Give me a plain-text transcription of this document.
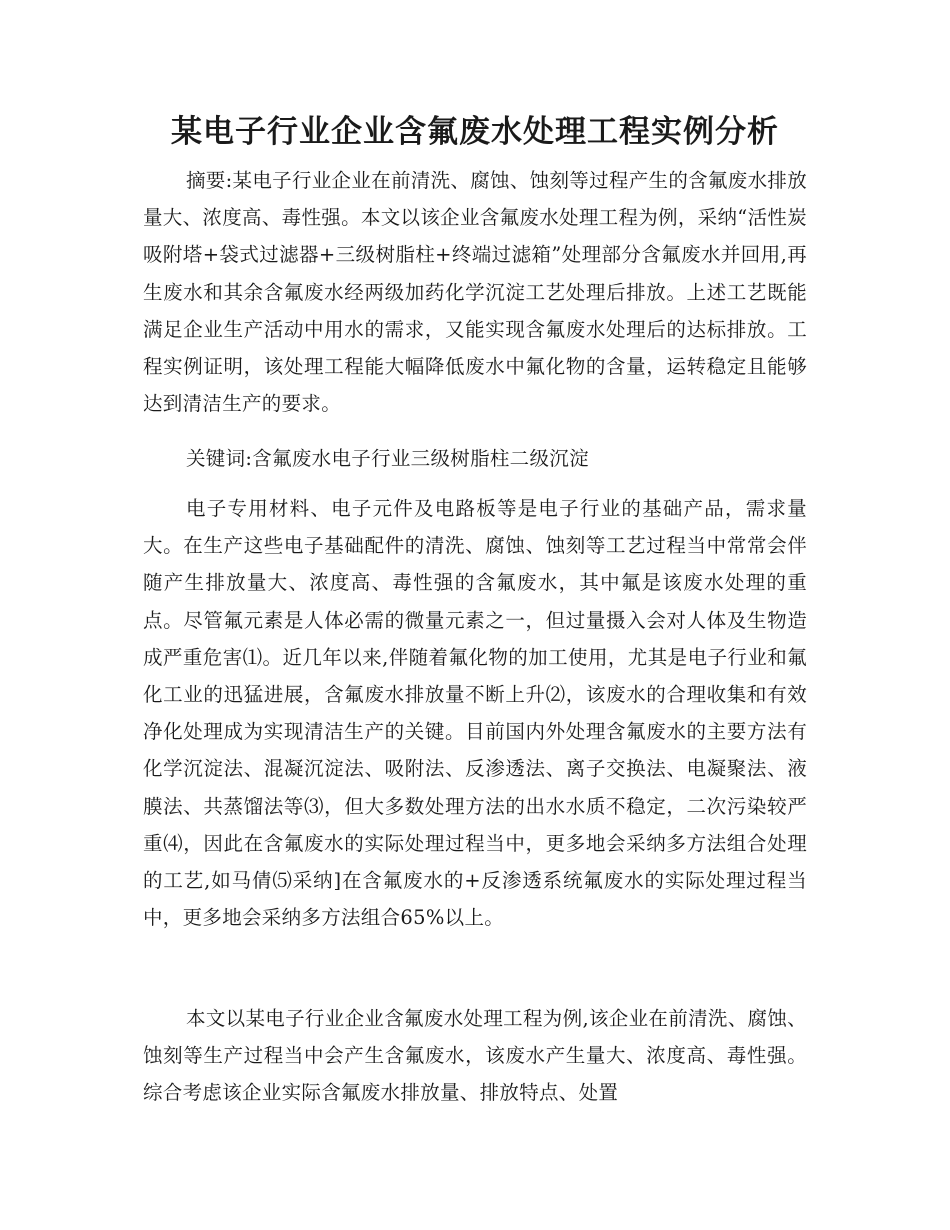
某电子行业企业含氟废水处理工程实例分析

摘要:某电子行业企业在前清洗、腐蚀、蚀刻等过程产生的含氟废水排放量大、浓度高、毒性强。本文以该企业含氟废水处理工程为例，采纳“活性炭吸附塔+袋式过滤器+三级树脂柱+终端过滤箱”处理部分含氟废水并回用,再生废水和其余含氟废水经两级加药化学沉淀工艺处理后排放。上述工艺既能满足企业生产活动中用水的需求，又能实现含氟废水处理后的达标排放。工程实例证明，该处理工程能大幅降低废水中氟化物的含量，运转稳定且能够达到清洁生产的要求。

关键词:含氟废水电子行业三级树脂柱二级沉淀

电子专用材料、电子元件及电路板等是电子行业的基础产品，需求量大。在生产这些电子基础配件的清洗、腐蚀、蚀刻等工艺过程当中常常会伴随产生排放量大、浓度高、毒性强的含氟废水，其中氟是该废水处理的重点。尽管氟元素是人体必需的微量元素之一，但过量摄入会对人体及生物造成严重危害⑴。近几年以来,伴随着氟化物的加工使用，尤其是电子行业和氟化工业的迅猛进展，含氟废水排放量不断上升⑵，该废水的合理收集和有效净化处理成为实现清洁生产的关键。目前国内外处理含氟废水的主要方法有化学沉淀法、混凝沉淀法、吸附法、反渗透法、离子交换法、电凝聚法、液膜法、共蒸馏法等⑶，但大多数处理方法的出水水质不稳定，二次污染较严重⑷，因此在含氟废水的实际处理过程当中，更多地会采纳多方法组合处理的工艺,如马倩⑸采纳]在含氟废水的+反渗透系统氟废水的实际处理过程当中，更多地会采纳多方法组合65%以上。

本文以某电子行业企业含氟废水处理工程为例,该企业在前清洗、腐蚀、蚀刻等生产过程当中会产生含氟废水，该废水产生量大、浓度高、毒性强。综合考虑该企业实际含氟废水排放量、排放特点、处置
